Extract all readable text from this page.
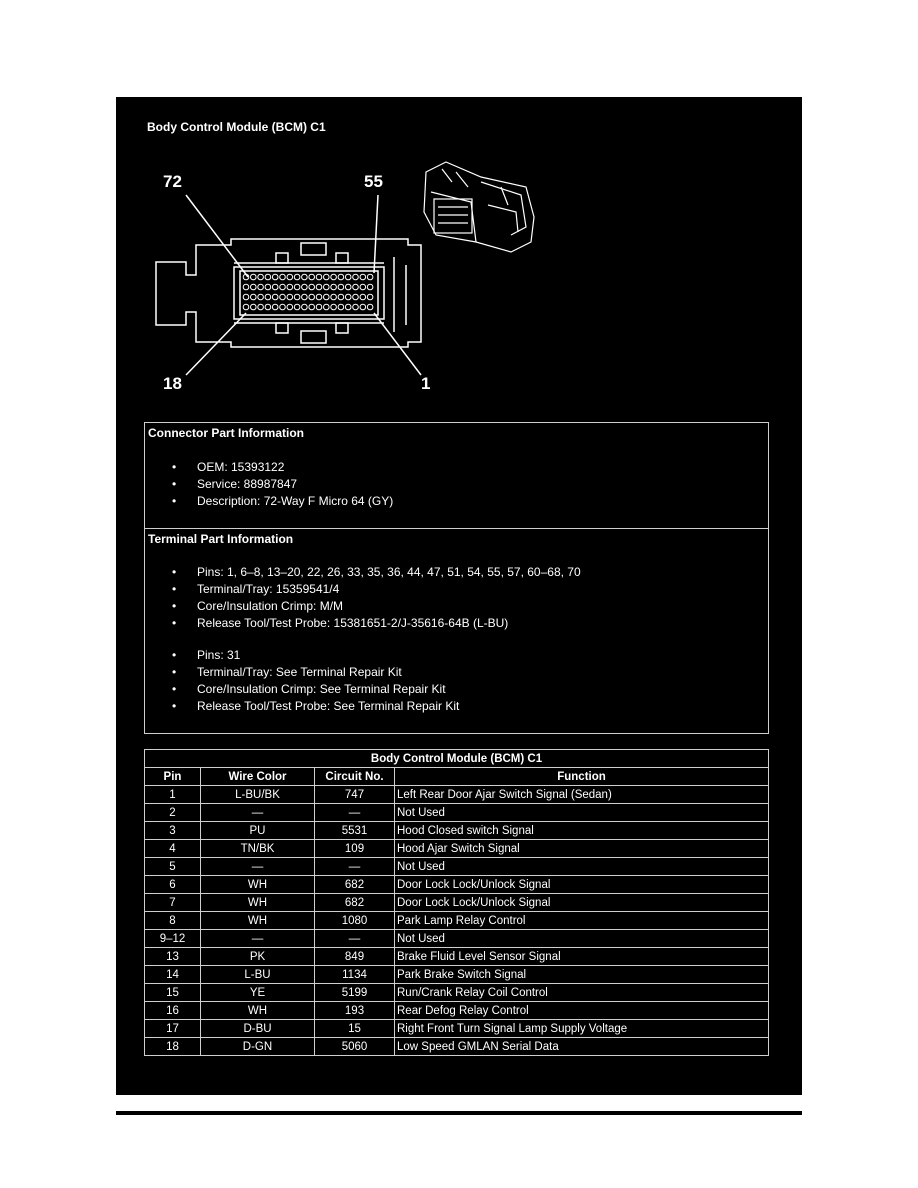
Body Control Module (BCM) C1
72	55
18	1
Connector Part Information
• OEM: 15393122
• Service: 88987847
• Description: 72-Way F Micro 64 (GY)
Terminal Part Information
• Pins: 1, 6–8, 13–20, 22, 26, 33, 35, 36, 44, 47, 51, 54, 55, 57, 60–68, 70
• Terminal/Tray: 15359541/4
• Core/Insulation Crimp: M/M
• Release Tool/Test Probe: 15381651-2/J-35616-64B (L-BU)
• Pins: 31
• Terminal/Tray: See Terminal Repair Kit
• Core/Insulation Crimp: See Terminal Repair Kit
• Release Tool/Test Probe: See Terminal Repair Kit
Body Control Module (BCM) C1			
Pin	Wire Color	Circuit No.	Function
1	L-BU/BK	747	Left Rear Door Ajar Switch Signal (Sedan)
2	—	—	Not Used
3	PU	5531	Hood Closed switch Signal
4	TN/BK	109	Hood Ajar Switch Signal
5	—	—	Not Used
6	WH	682	Door Lock Lock/Unlock Signal
7	WH	682	Door Lock Lock/Unlock Signal
8	WH	1080	Park Lamp Relay Control
9–12	—	—	Not Used
13	PK	849	Brake Fluid Level Sensor Signal
14	L-BU	1134	Park Brake Switch Signal
15	YE	5199	Run/Crank Relay Coil Control
16	WH	193	Rear Defog Relay Control
17	D-BU	15	Right Front Turn Signal Lamp Supply Voltage
18	D-GN	5060	Low Speed GMLAN Serial Data
